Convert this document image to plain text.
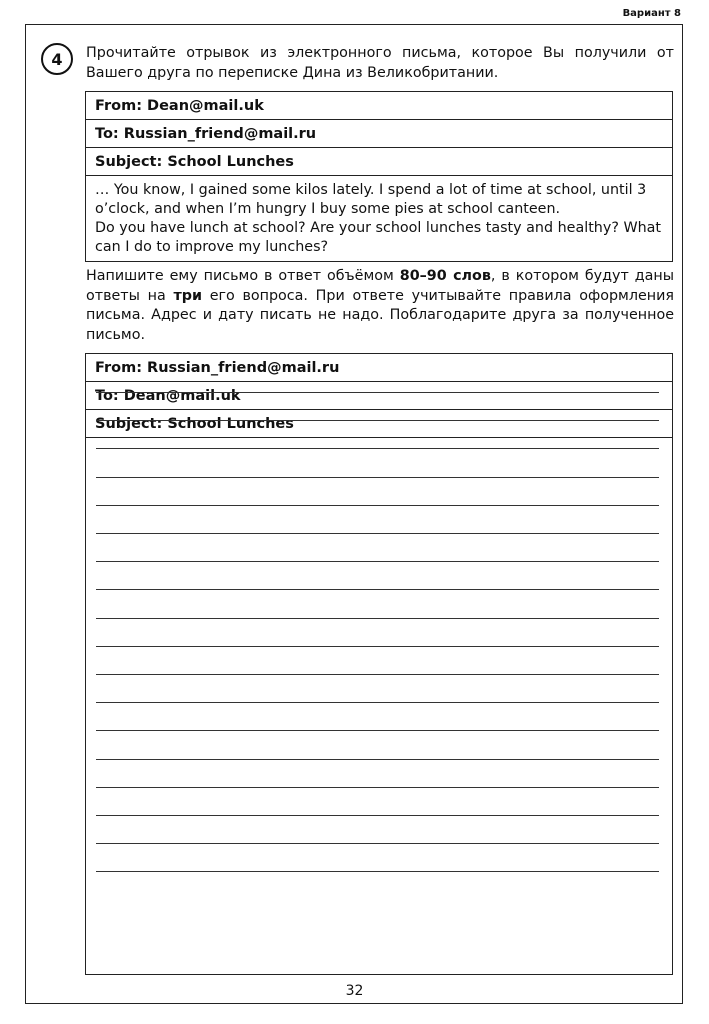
Вариант 8
4 Прочитайте отрывок из электронного письма, которое Вы получили от Вашего друга по переписке Дина из Великобритании.
From: Dean@mail.uk
To: Russian_friend@mail.ru
Subject: School Lunches

… You know, I gained some kilos lately. I spend a lot of time at school, until 3 o’clock, and when I’m hungry I buy some pies at school canteen.

Do you have lunch at school? Are your school lunches tasty and healthy? What can I do to improve my lunches?

Напишите ему письмо в ответ объёмом 80–90 слов, в котором будут даны ответы на три его вопроса. При ответе учитывайте правила оформления письма. Адрес и дату писать не надо. Поблагодарите друга за полученное письмо.
From: Russian_friend@mail.ru
To: Dean@mail.uk
Subject: School Lunches
32
